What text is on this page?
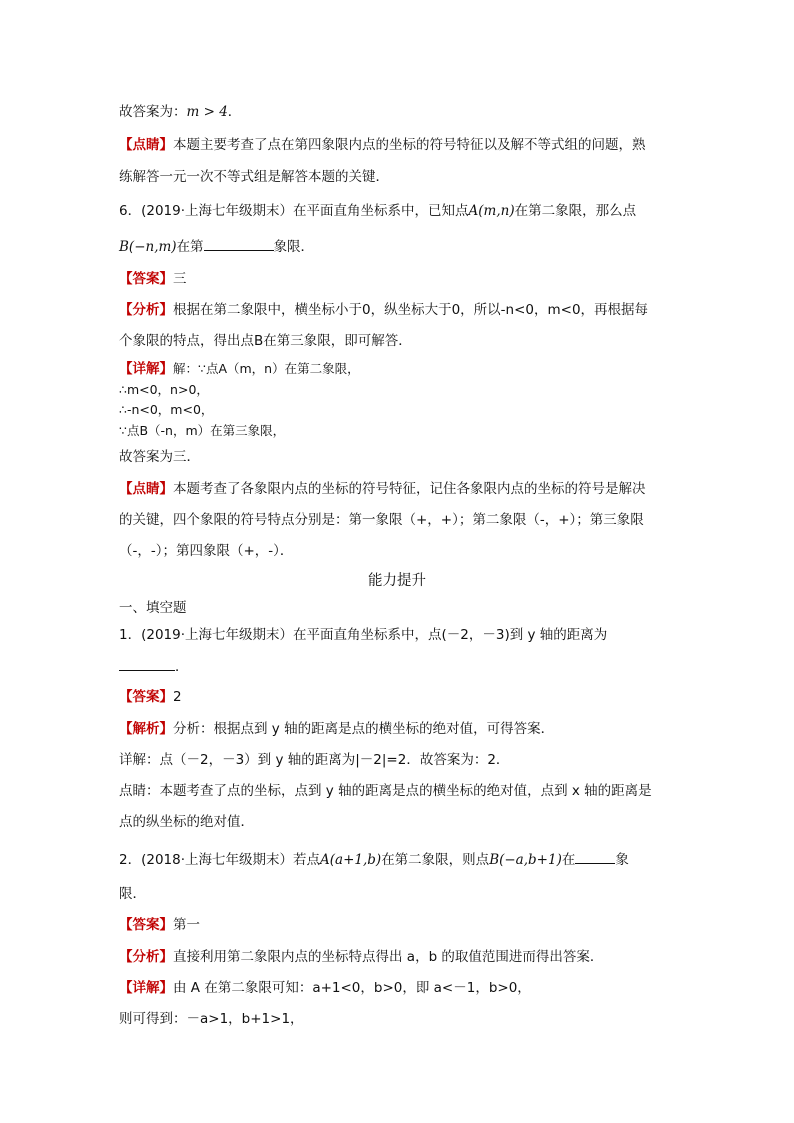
故答案为：m > 4．
【点睛】本题主要考查了点在第四象限内点的坐标的符号特征以及解不等式组的问题，熟
练解答一元一次不等式组是解答本题的关键．
6．(2019·上海七年级期末）在平面直角坐标系中，已知点A(m,n)在第二象限，那么点
B(−n,m)在第	象限．
【答案】三
【分析】根据在第二象限中，横坐标小于0，纵坐标大于0，所以-n<0，m<0，再根据每
个象限的特点，得出点B在第三象限，即可解答．
【详解】解：∵点A（m，n）在第二象限，
∴m<0，n>0，
∴-n<0，m<0，
∵点B（-n，m）在第三象限，
故答案为三．
【点睛】本题考查了各象限内点的坐标的符号特征，记住各象限内点的坐标的符号是解决
的关键，四个象限的符号特点分别是：第一象限（+，+）；第二象限（-，+）；第三象限
（-，-）；第四象限（+，-）．
能力提升
一、填空题
1．(2019·上海七年级期末）在平面直角坐标系中，点(－2，－3)到 y 轴的距离为
．
【答案】2
【解析】分析：根据点到 y 轴的距离是点的横坐标的绝对值，可得答案．
详解：点（－2，－3）到 y 轴的距离为|－2|=2．故答案为：2．
点睛：本题考查了点的坐标，点到 y 轴的距离是点的横坐标的绝对值，点到 x 轴的距离是
点的纵坐标的绝对值．
2．(2018·上海七年级期末）若点A(a+1,b)在第二象限，则点B(−a,b+1)在	象
限．
【答案】第一
【分析】直接利用第二象限内点的坐标特点得出 a，b 的取值范围进而得出答案．
【详解】由 A 在第二象限可知：a+1<0，b>0，即 a<－1，b>0，
则可得到：－a>1，b+1>1，
